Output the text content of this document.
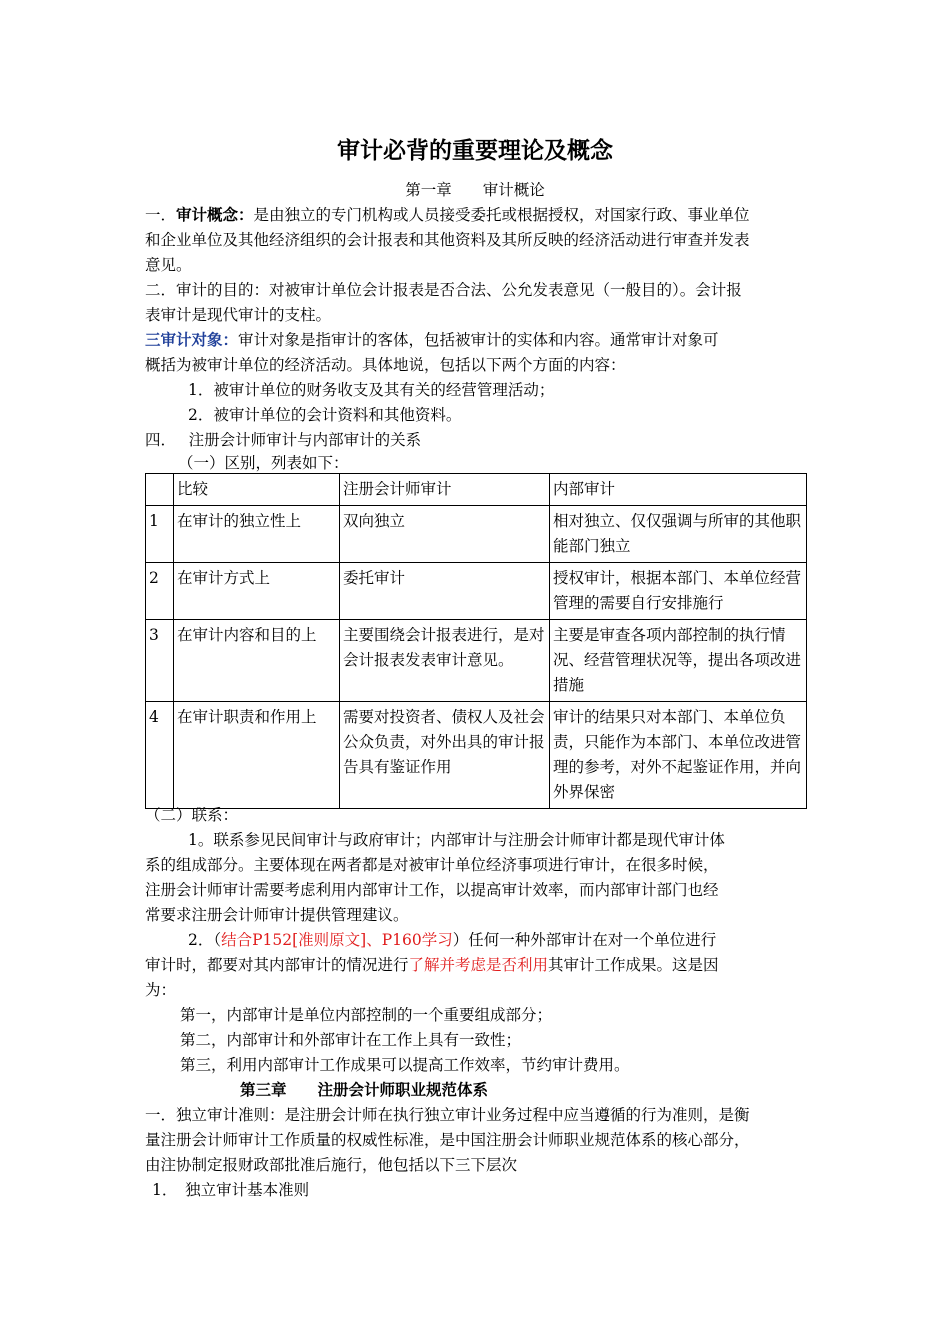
审计必背的重要理论及概念
第一章　　审计概论
一．审计概念：是由独立的专门机构或人员接受委托或根据授权，对国家行政、事业单位
和企业单位及其他经济组织的会计报表和其他资料及其所反映的经济活动进行审查并发表
意见。
二．审计的目的：对被审计单位会计报表是否合法、公允发表意见（一般目的）。会计报
表审计是现代审计的支柱。
三审计对象：审计对象是指审计的客体，包括被审计的实体和内容。通常审计对象可
概括为被审计单位的经济活动。具体地说，包括以下两个方面的内容：
1．被审计单位的财务收支及其有关的经营管理活动；
2．被审计单位的会计资料和其他资料。
四．　 注册会计师审计与内部审计的关系
（一）区别，列表如下：
	比较	注册会计师审计	内部审计
1	在审计的独立性上	双向独立	相对独立、仅仅强调与所审的其他职能部门独立
2	在审计方式上	委托审计	授权审计，根据本部门、本单位经营管理的需要自行安排施行
3	在审计内容和目的上	主要围绕会计报表进行，是对会计报表发表审计意见。	主要是审查各项内部控制的执行情况、经营管理状况等，提出各项改进措施
4	在审计职责和作用上	需要对投资者、债权人及社会公众负责，对外出具的审计报告具有鉴证作用	审计的结果只对本部门、本单位负责，只能作为本部门、本单位改进管理的参考，对外不起鉴证作用，并向外界保密
（二）联系：
1。联系参见民间审计与政府审计；内部审计与注册会计师审计都是现代审计体
系的组成部分。主要体现在两者都是对被审计单位经济事项进行审计，在很多时候，
注册会计师审计需要考虑利用内部审计工作，以提高审计效率，而内部审计部门也经
常要求注册会计师审计提供管理建议。
2．（结合P152[准则原文]、P160学习）任何一种外部审计在对一个单位进行
审计时，都要对其内部审计的情况进行了解并考虑是否利用其审计工作成果。这是因
为：
第一，内部审计是单位内部控制的一个重要组成部分；
第二，内部审计和外部审计在工作上具有一致性；
第三，利用内部审计工作成果可以提高工作效率，节约审计费用。
第三章　　注册会计师职业规范体系
一．独立审计准则：是注册会计师在执行独立审计业务过程中应当遵循的行为准则，是衡
量注册会计师审计工作质量的权威性标准，是中国注册会计师职业规范体系的核心部分，
由注协制定报财政部批准后施行，他包括以下三下层次
1．　独立审计基本准则
